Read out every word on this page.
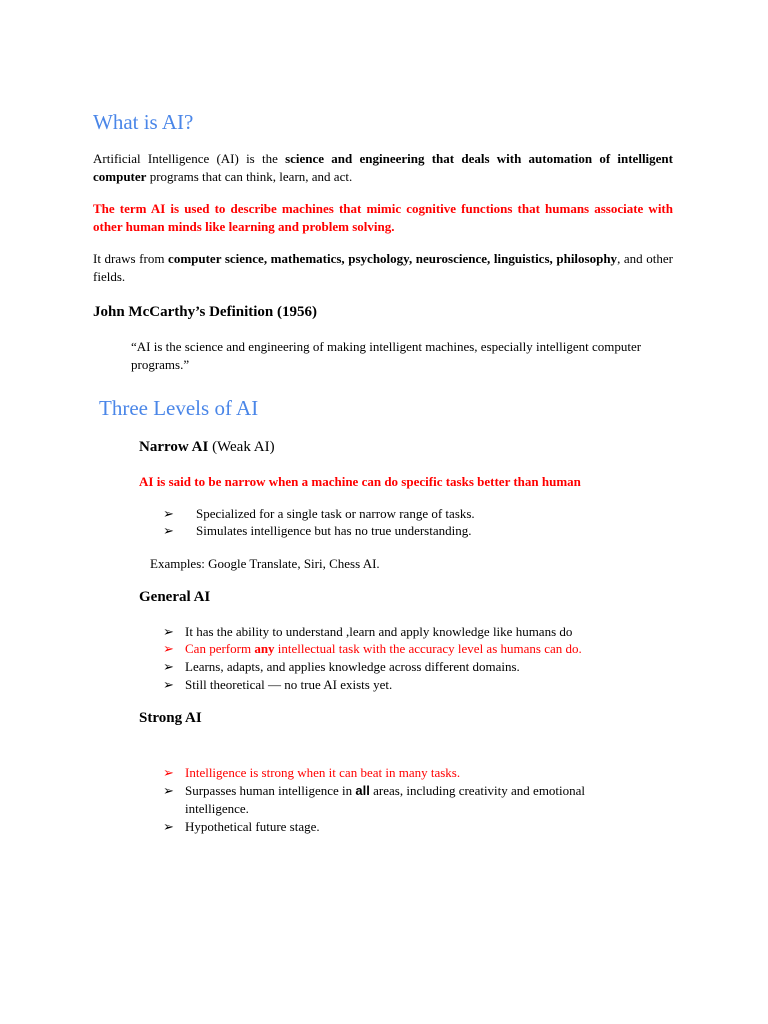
What is AI?

Artificial Intelligence (AI) is the science and engineering that deals with automation of intelligent computer programs that can think, learn, and act.

The term AI is used to describe machines that mimic cognitive functions that humans associate with other human minds like learning and problem solving.

It draws from computer science, mathematics, psychology, neuroscience, linguistics, philosophy, and other fields.

John McCarthy’s Definition (1956)

“AI is the science and engineering of making intelligent machines, especially intelligent computer programs.”

Three Levels of AI
Narrow AI (Weak AI)

AI is said to be narrow when a machine can do specific tasks better than human

➢ Specialized for a single task or narrow range of tasks.
➢ Simulates intelligence but has no true understanding.

Examples: Google Translate, Siri, Chess AI.

General AI
➢ It has the ability to understand ,learn and apply knowledge like humans do
➢ Can perform any intellectual task with the accuracy level as humans can do.
➢ Learns, adapts, and applies knowledge across different domains.
➢ Still theoretical — no true AI exists yet.
Strong AI
➢ Intelligence is strong when it can beat in many tasks.
➢ Surpasses human intelligence in all areas, including creativity and emotional intelligence.
➢ Hypothetical future stage.
